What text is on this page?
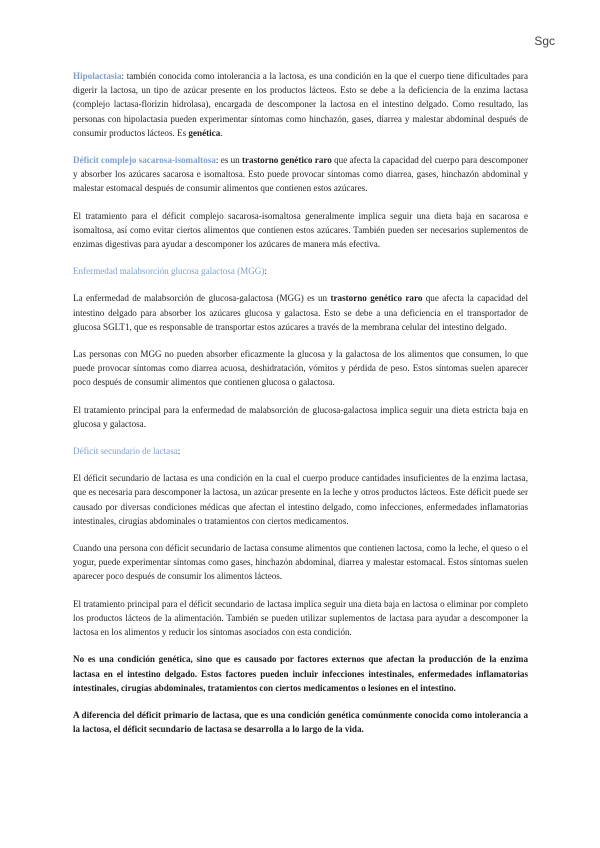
Sgc

Hipolactasia: también conocida como intolerancia a la lactosa, es una condición en la que el cuerpo tiene dificultades para digerir la lactosa, un tipo de azúcar presente en los productos lácteos. Esto se debe a la deficiencia de la enzima lactasa (complejo lactasa-florizin hidrolasa), encargada de descomponer la lactosa en el intestino delgado. Como resultado, las personas con hipolactasia pueden experimentar síntomas como hinchazón, gases, diarrea y malestar abdominal después de consumir productos lácteos. Es genética.

Déficit complejo sacarosa-isomaltosa: es un trastorno genético raro que afecta la capacidad del cuerpo para descomponer y absorber los azúcares sacarosa e isomaltosa. Esto puede provocar síntomas como diarrea, gases, hinchazón abdominal y malestar estomacal después de consumir alimentos que contienen estos azúcares.

El tratamiento para el déficit complejo sacarosa-isomaltosa generalmente implica seguir una dieta baja en sacarosa e isomaltosa, así como evitar ciertos alimentos que contienen estos azúcares. También pueden ser necesarios suplementos de enzimas digestivas para ayudar a descomponer los azúcares de manera más efectiva.

Enfermedad malabsorción glucosa galactosa (MGG):

La enfermedad de malabsorción de glucosa-galactosa (MGG) es un trastorno genético raro que afecta la capacidad del intestino delgado para absorber los azúcares glucosa y galactosa. Esto se debe a una deficiencia en el transportador de glucosa SGLT1, que es responsable de transportar estos azúcares a través de la membrana celular del intestino delgado.

Las personas con MGG no pueden absorber eficazmente la glucosa y la galactosa de los alimentos que consumen, lo que puede provocar síntomas como diarrea acuosa, deshidratación, vómitos y pérdida de peso. Estos síntomas suelen aparecer poco después de consumir alimentos que contienen glucosa o galactosa.

El tratamiento principal para la enfermedad de malabsorción de glucosa-galactosa implica seguir una dieta estricta baja en glucosa y galactosa.

Déficit secundario de lactasa:

El déficit secundario de lactasa es una condición en la cual el cuerpo produce cantidades insuficientes de la enzima lactasa, que es necesaria para descomponer la lactosa, un azúcar presente en la leche y otros productos lácteos. Este déficit puede ser causado por diversas condiciones médicas que afectan el intestino delgado, como infecciones, enfermedades inflamatorias intestinales, cirugías abdominales o tratamientos con ciertos medicamentos.

Cuando una persona con déficit secundario de lactasa consume alimentos que contienen lactosa, como la leche, el queso o el yogur, puede experimentar síntomas como gases, hinchazón abdominal, diarrea y malestar estomacal. Estos síntomas suelen aparecer poco después de consumir los alimentos lácteos.

El tratamiento principal para el déficit secundario de lactasa implica seguir una dieta baja en lactosa o eliminar por completo los productos lácteos de la alimentación. También se pueden utilizar suplementos de lactasa para ayudar a descomponer la lactosa en los alimentos y reducir los síntomas asociados con esta condición.

No es una condición genética, sino que es causado por factores externos que afectan la producción de la enzima lactasa en el intestino delgado. Estos factores pueden incluir infecciones intestinales, enfermedades inflamatorias intestinales, cirugías abdominales, tratamientos con ciertos medicamentos o lesiones en el intestino.

A diferencia del déficit primario de lactasa, que es una condición genética comúnmente conocida como intolerancia a la lactosa, el déficit secundario de lactasa se desarrolla a lo largo de la vida.
